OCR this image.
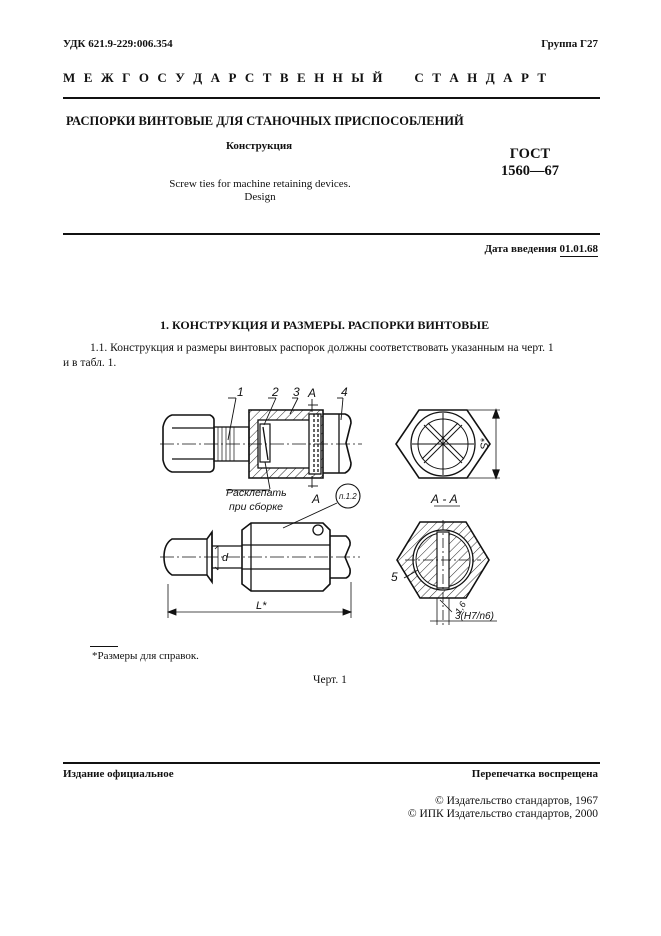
УДК 621.9-229:006.354	Группа Г27
М Е Ж Г О С У Д А Р С Т В Е Н Н Ы Й     С Т А Н Д А Р Т
РАСПОРКИ ВИНТОВЫЕ ДЛЯ СТАНОЧНЫХ ПРИСПОСОБЛЕНИЙ
Конструкция
Screw ties for machine retaining devices.
Design
ГОСТ
1560—67
Дата введения 01.01.68
1. КОНСТРУКЦИЯ И РАЗМЕРЫ. РАСПОРКИ ВИНТОВЫЕ
1.1. Конструкция и размеры винтовых распорок должны соответствовать указанным на черт. 1
и в табл. 1.
1 2 3 А 4
А
Расклепать
при сборке
п.1.2
d
L*
S*
А - А
5
1,6
3(H7/n6)
*Размеры для справок.
Черт. 1
Издание официальное	Перепечатка воспрещена
© Издательство стандартов, 1967
© ИПК Издательство стандартов, 2000
